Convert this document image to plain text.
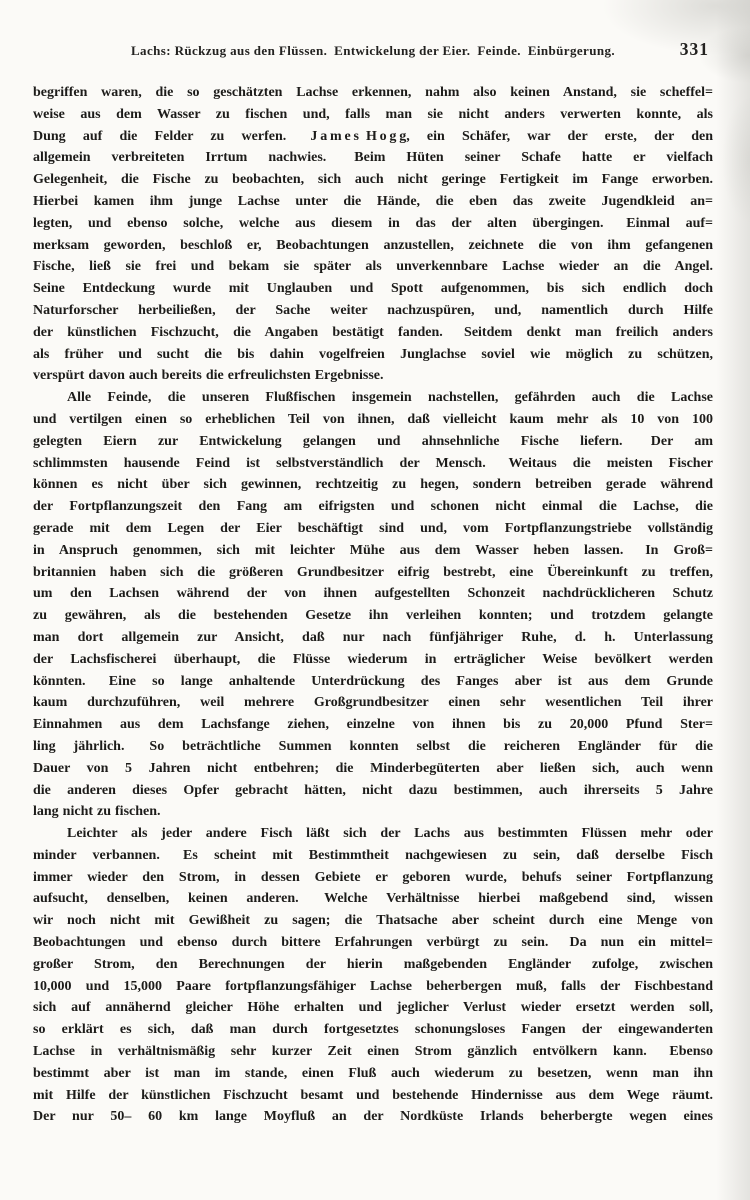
Lachs: Rückzug aus den Flüssen. Entwickelung der Eier. Feinde. Einbürgerung.	331
begriffen waren, die so geschätzten Lachse erkennen, nahm also keinen Anstand, sie scheffel=
weise aus dem Wasser zu fischen und, falls man sie nicht anders verwerten konnte, als
Dung auf die Felder zu werfen.  J a m e s H o g g, ein Schäfer, war der erste, der den
allgemein verbreiteten Irrtum nachwies.  Beim Hüten seiner Schafe hatte er vielfach
Gelegenheit, die Fische zu beobachten, sich auch nicht geringe Fertigkeit im Fange erworben.
Hierbei kamen ihm junge Lachse unter die Hände, die eben das zweite Jugendkleid an=
legten, und ebenso solche, welche aus diesem in das der alten übergingen.  Einmal auf=
merksam geworden, beschloß er, Beobachtungen anzustellen, zeichnete die von ihm gefangenen
Fische, ließ sie frei und bekam sie später als unverkennbare Lachse wieder an die Angel.
Seine Entdeckung wurde mit Unglauben und Spott aufgenommen, bis sich endlich doch
Naturforscher herbeiließen, der Sache weiter nachzuspüren, und, namentlich durch Hilfe
der künstlichen Fischzucht, die Angaben bestätigt fanden.  Seitdem denkt man freilich anders
als früher und sucht die bis dahin vogelfreien Junglachse soviel wie möglich zu schützen,
verspürt davon auch bereits die erfreulichsten Ergebnisse.
Alle Feinde, die unseren Flußfischen insgemein nachstellen, gefährden auch die Lachse
und vertilgen einen so erheblichen Teil von ihnen, daß vielleicht kaum mehr als 10 von 100
gelegten Eiern zur Entwickelung gelangen und ahnsehnliche Fische liefern.  Der am
schlimmsten hausende Feind ist selbstverständlich der Mensch.  Weitaus die meisten Fischer
können es nicht über sich gewinnen, rechtzeitig zu hegen, sondern betreiben gerade während
der Fortpflanzungszeit den Fang am eifrigsten und schonen nicht einmal die Lachse, die
gerade mit dem Legen der Eier beschäftigt sind und, vom Fortpflanzungstriebe vollständig
in Anspruch genommen, sich mit leichter Mühe aus dem Wasser heben lassen.  In Groß=
britannien haben sich die größeren Grundbesitzer eifrig bestrebt, eine Übereinkunft zu treffen,
um den Lachsen während der von ihnen aufgestellten Schonzeit nachdrücklicheren Schutz
zu gewähren, als die bestehenden Gesetze ihn verleihen konnten; und trotzdem gelangte
man dort allgemein zur Ansicht, daß nur nach fünfjähriger Ruhe, d. h. Unterlassung
der Lachsfischerei überhaupt, die Flüsse wiederum in erträglicher Weise bevölkert werden
könnten.  Eine so lange anhaltende Unterdrückung des Fanges aber ist aus dem Grunde
kaum durchzuführen, weil mehrere Großgrundbesitzer einen sehr wesentlichen Teil ihrer
Einnahmen aus dem Lachsfange ziehen, einzelne von ihnen bis zu 20,000 Pfund Ster=
ling jährlich.  So beträchtliche Summen konnten selbst die reicheren Engländer für die
Dauer von 5 Jahren nicht entbehren; die Minderbegüterten aber ließen sich, auch wenn
die anderen dieses Opfer gebracht hätten, nicht dazu bestimmen, auch ihrerseits 5 Jahre
lang nicht zu fischen.
Leichter als jeder andere Fisch läßt sich der Lachs aus bestimmten Flüssen mehr oder
minder verbannen.  Es scheint mit Bestimmtheit nachgewiesen zu sein, daß derselbe Fisch
immer wieder den Strom, in dessen Gebiete er geboren wurde, behufs seiner Fortpflanzung
aufsucht, denselben, keinen anderen.  Welche Verhältnisse hierbei maßgebend sind, wissen
wir noch nicht mit Gewißheit zu sagen; die Thatsache aber scheint durch eine Menge von
Beobachtungen und ebenso durch bittere Erfahrungen verbürgt zu sein.  Da nun ein mittel=
großer Strom, den Berechnungen der hierin maßgebenden Engländer zufolge, zwischen
10,000 und 15,000 Paare fortpflanzungsfähiger Lachse beherbergen muß, falls der Fischbestand
sich auf annähernd gleicher Höhe erhalten und jeglicher Verlust wieder ersetzt werden soll,
so erklärt es sich, daß man durch fortgesetztes schonungsloses Fangen der eingewanderten
Lachse in verhältnismäßig sehr kurzer Zeit einen Strom gänzlich entvölkern kann.  Ebenso
bestimmt aber ist man im stande, einen Fluß auch wiederum zu besetzen, wenn man ihn
mit Hilfe der künstlichen Fischzucht besamt und bestehende Hindernisse aus dem Wege räumt.
Der nur 50– 60 km lange Moyfluß an der Nordküste Irlands beherbergte wegen eines
